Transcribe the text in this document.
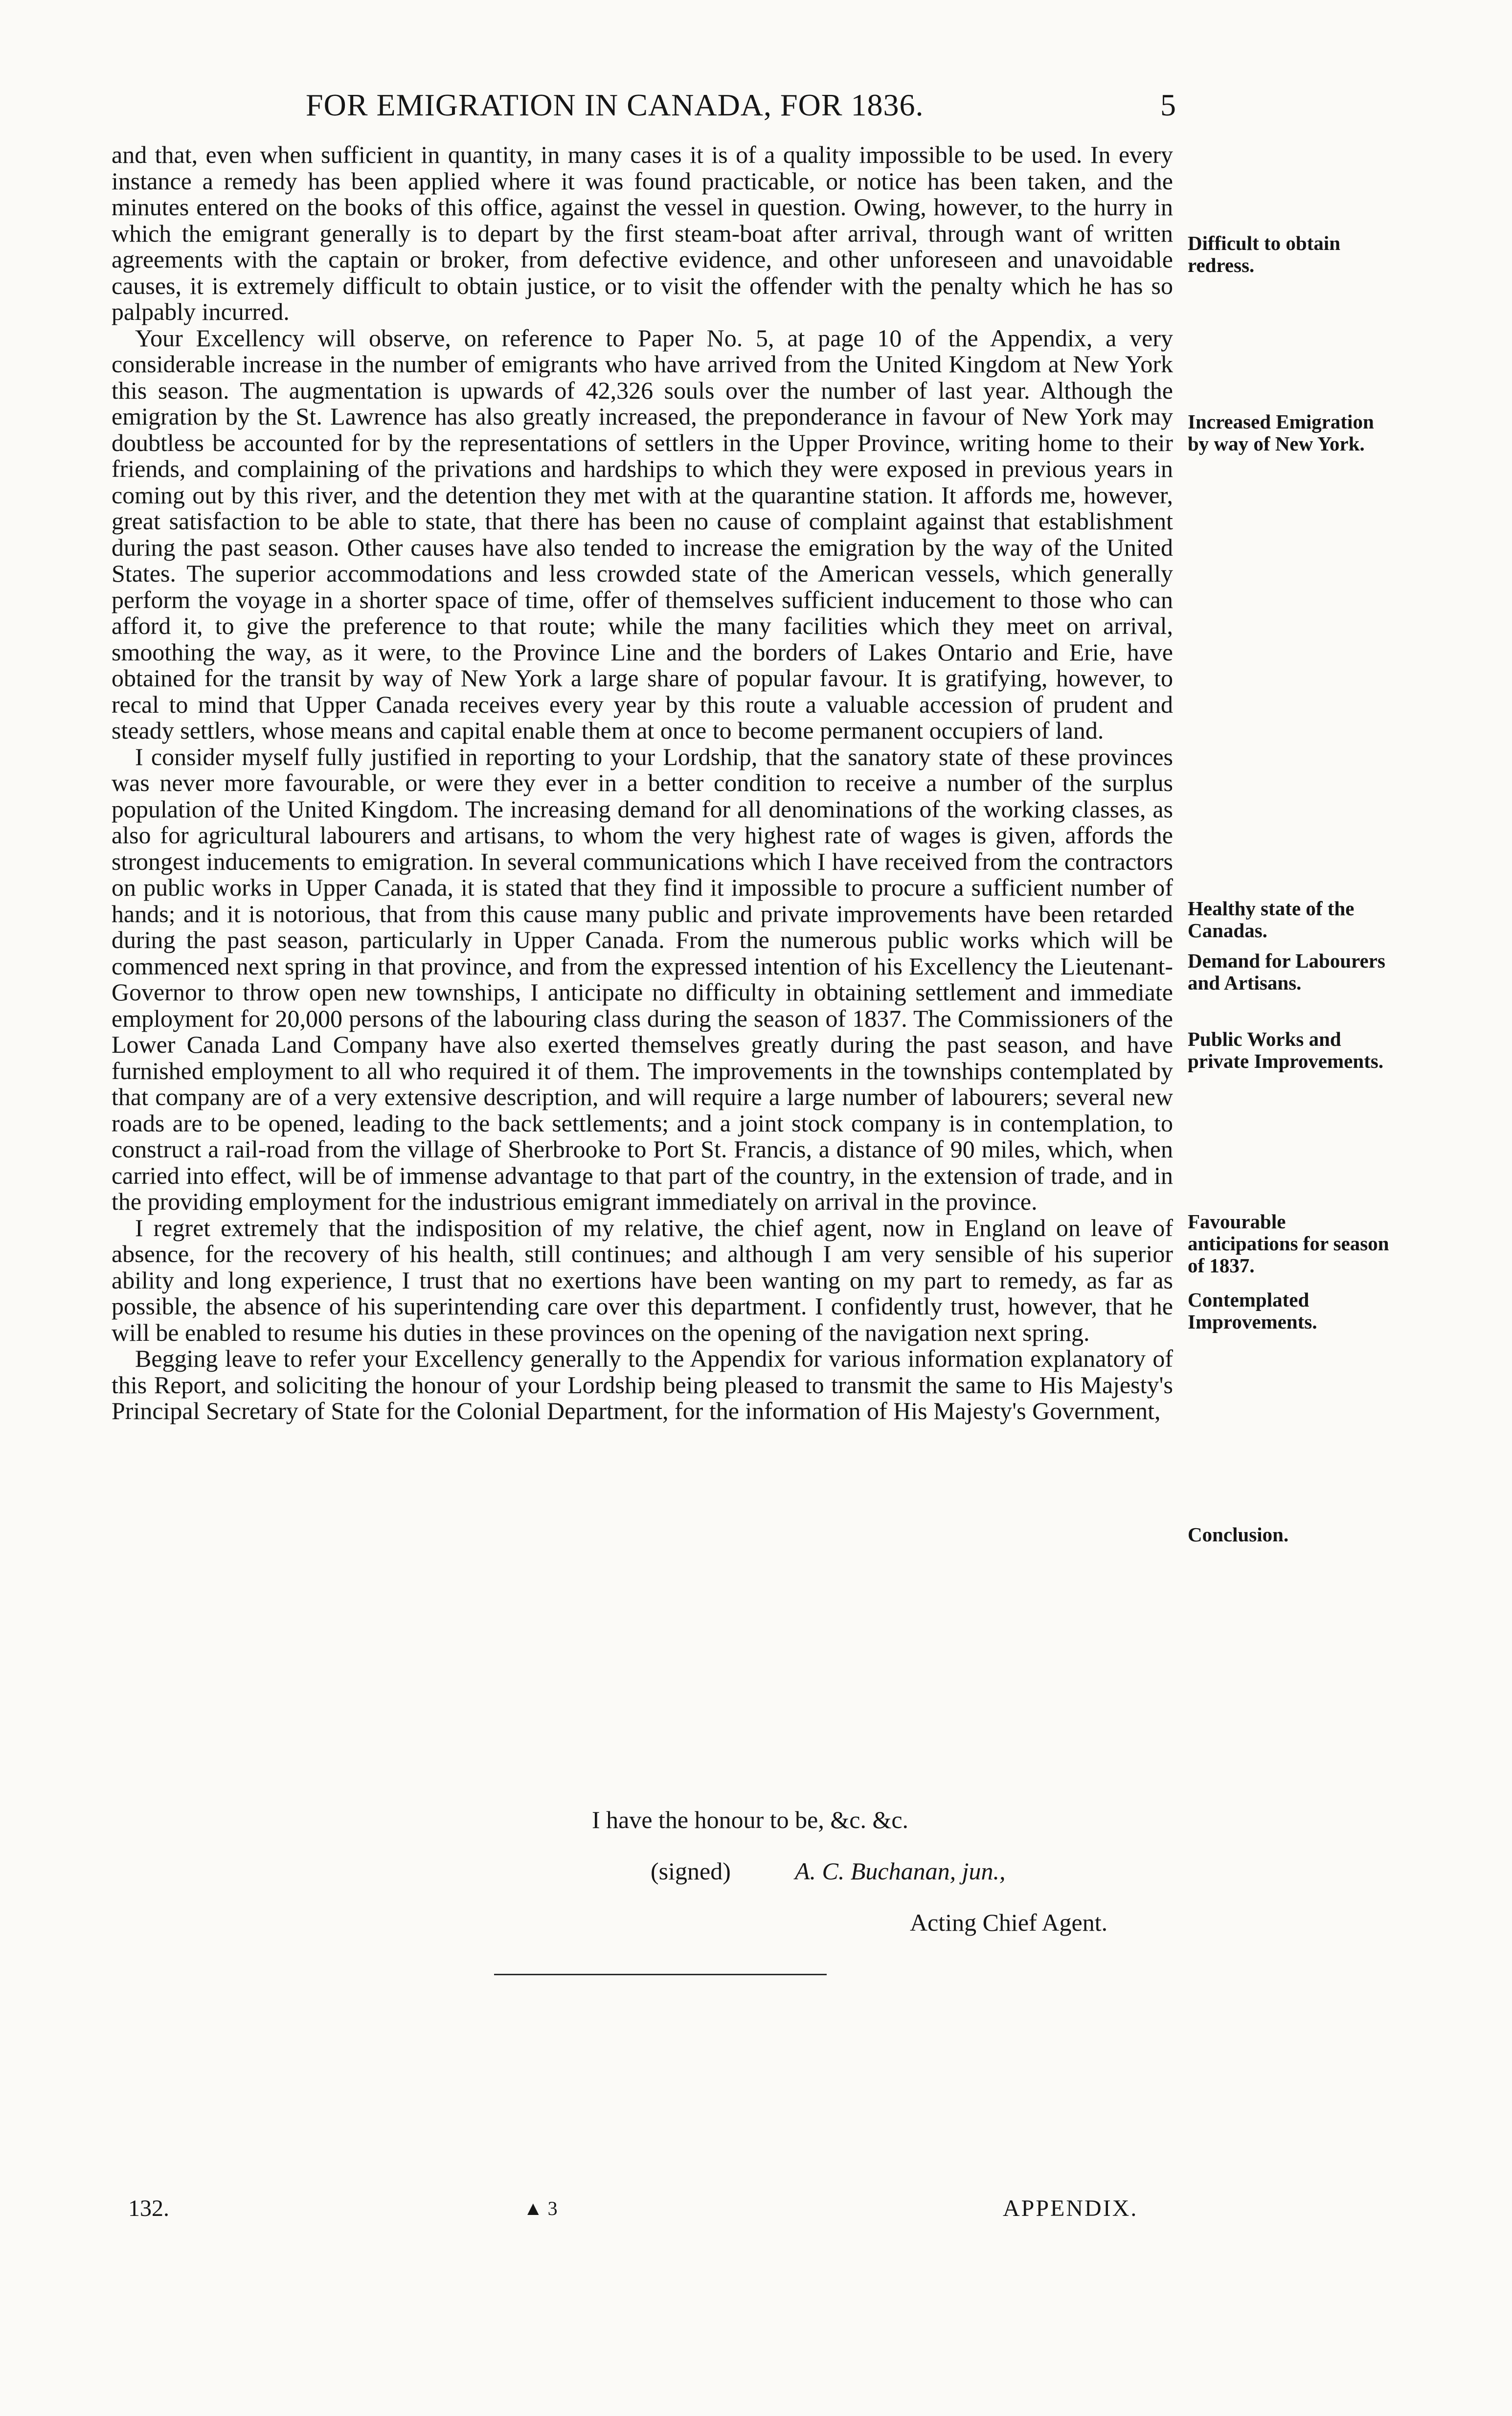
FOR EMIGRATION IN CANADA, FOR 1836.	5

and that, even when sufficient in quantity, in many cases it is of a quality impossible to be used. In every instance a remedy has been applied where it was found practicable, or notice has been taken, and the minutes entered on the books of this office, against the vessel in question. Owing, however, to the hurry in which the emigrant generally is to depart by the first steam-boat after arrival, through want of written agreements with the captain or broker, from defective evidence, and other unforeseen and unavoidable causes, it is extremely difficult to obtain justice, or to visit the offender with the penalty which he has so palpably incurred.

Your Excellency will observe, on reference to Paper No. 5, at page 10 of the Appendix, a very considerable increase in the number of emigrants who have arrived from the United Kingdom at New York this season. The augmentation is upwards of 42,326 souls over the number of last year. Although the emigration by the St. Lawrence has also greatly increased, the preponderance in favour of New York may doubtless be accounted for by the representations of settlers in the Upper Province, writing home to their friends, and complaining of the privations and hardships to which they were exposed in previous years in coming out by this river, and the detention they met with at the quarantine station. It affords me, however, great satisfaction to be able to state, that there has been no cause of complaint against that establishment during the past season. Other causes have also tended to increase the emigration by the way of the United States. The superior accommodations and less crowded state of the American vessels, which generally perform the voyage in a shorter space of time, offer of themselves sufficient inducement to those who can afford it, to give the preference to that route; while the many facilities which they meet on arrival, smoothing the way, as it were, to the Province Line and the borders of Lakes Ontario and Erie, have obtained for the transit by way of New York a large share of popular favour. It is gratifying, however, to recal to mind that Upper Canada receives every year by this route a valuable accession of prudent and steady settlers, whose means and capital enable them at once to become permanent occupiers of land.

I consider myself fully justified in reporting to your Lordship, that the sanatory state of these provinces was never more favourable, or were they ever in a better condition to receive a number of the surplus population of the United Kingdom. The increasing demand for all denominations of the working classes, as also for agricultural labourers and artisans, to whom the very highest rate of wages is given, affords the strongest inducements to emigration. In several communications which I have received from the contractors on public works in Upper Canada, it is stated that they find it impossible to procure a sufficient number of hands; and it is notorious, that from this cause many public and private improvements have been retarded during the past season, particularly in Upper Canada. From the numerous public works which will be commenced next spring in that province, and from the expressed intention of his Excellency the Lieutenant-Governor to throw open new townships, I anticipate no difficulty in obtaining settlement and immediate employment for 20,000 persons of the labouring class during the season of 1837. The Commissioners of the Lower Canada Land Company have also exerted themselves greatly during the past season, and have furnished employment to all who required it of them. The improvements in the townships contemplated by that company are of a very extensive description, and will require a large number of labourers; several new roads are to be opened, leading to the back settlements; and a joint stock company is in contemplation, to construct a rail-road from the village of Sherbrooke to Port St. Francis, a distance of 90 miles, which, when carried into effect, will be of immense advantage to that part of the country, in the extension of trade, and in the providing employment for the industrious emigrant immediately on arrival in the province.

I regret extremely that the indisposition of my relative, the chief agent, now in England on leave of absence, for the recovery of his health, still continues; and although I am very sensible of his superior ability and long experience, I trust that no exertions have been wanting on my part to remedy, as far as possible, the absence of his superintending care over this department. I confidently trust, however, that he will be enabled to resume his duties in these provinces on the opening of the navigation next spring.

Begging leave to refer your Excellency generally to the Appendix for various information explanatory of this Report, and soliciting the honour of your Lordship being pleased to transmit the same to His Majesty's Principal Secretary of State for the Colonial Department, for the information of His Majesty's Government,

Difficult to obtain redress.
Increased Emigration by way of New York.
Healthy state of the Canadas.
Demand for Labourers and Artisans.
Public Works and private Improvements.
Favourable anticipations for season of 1837.
Contemplated Improvements.
Conclusion.
I have the honour to be, &c. &c.
(signed)	A. C. Buchanan, jun.,
Acting Chief Agent.
132.	▲ 3	APPENDIX.
